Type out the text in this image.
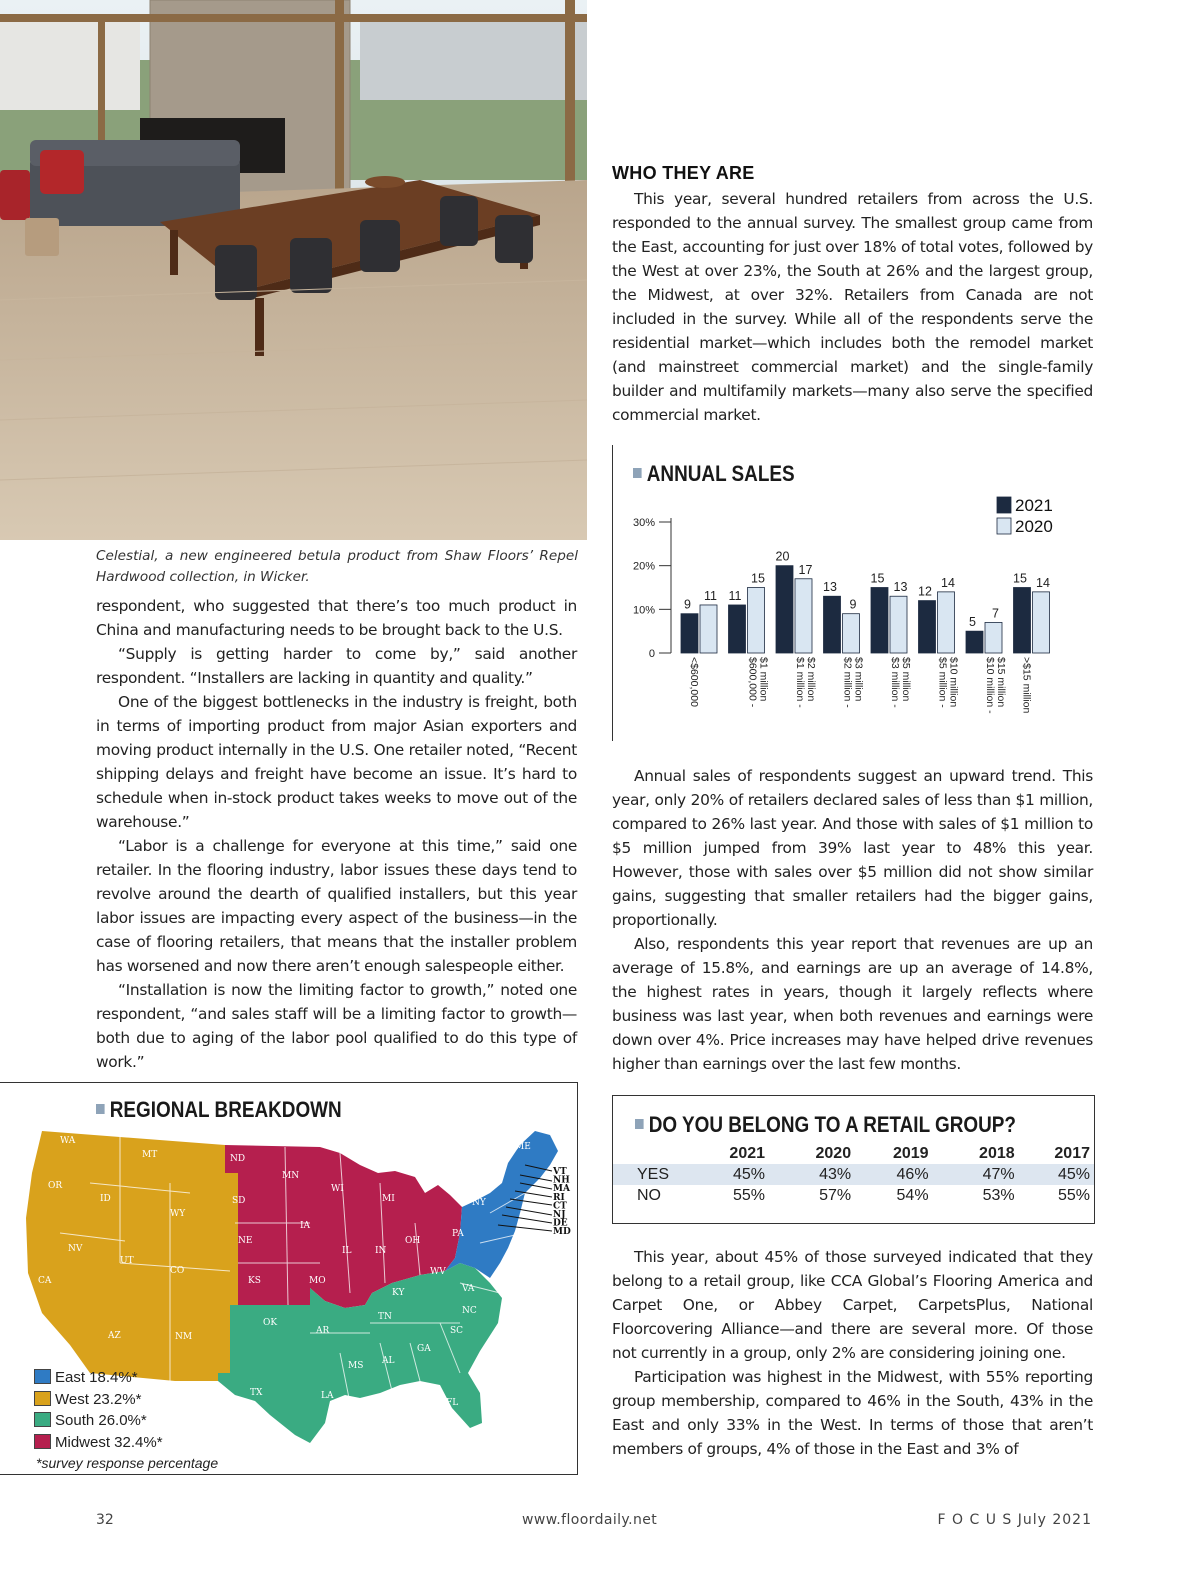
Celestial, a new engineered betula product from Shaw Floors’ Repel Hardwood collection, in Wicker.

respondent, who suggested that there’s too much product in China and manufacturing needs to be brought back to the U.S.

“Supply is getting harder to come by,” said another respondent. “Installers are lacking in quantity and quality.”

One of the biggest bottlenecks in the industry is freight, both in terms of importing product from major Asian exporters and moving product internally in the U.S. One retailer noted, “Recent shipping delays and freight have become an issue. It’s hard to schedule when in-stock product takes weeks to move out of the warehouse.”

“Labor is a challenge for everyone at this time,” said one retailer. In the flooring industry, labor issues these days tend to revolve around the dearth of qualified installers, but this year labor issues are impacting every aspect of the business—in the case of flooring retailers, that means that the installer problem has worsened and now there aren’t enough salespeople either.

“Installation is now the limiting factor to growth,” noted one respondent, “and sales staff will be a limiting factor to growth—both due to aging of the labor pool qualified to do this type of work.”

WHO THEY ARE

This year, several hundred retailers from across the U.S. responded to the annual survey. The smallest group came from the East, accounting for just over 18% of total votes, followed by the West at over 23%, the South at 26% and the largest group, the Midwest, at over 32%. Retailers from Canada are not included in the survey. While all of the respondents serve the residential market—which includes both the remodel market (and mainstreet commercial market) and the single-family builder and multifamily markets—many also serve the specified commercial market.

ANNUAL SALES
0
10%
20%
30%
9
11
<$600,000
11
15
$600,000 -$1 million
20
17
$1 million -$2 million
13
9
$2 million -$3 million
15
13
$3 million -$5 million
12
14
$5 million -$10 million
5
7
$10 million -$15 million
15 14
>$15 million
2021
2020

Annual sales of respondents suggest an upward trend. This year, only 20% of retailers declared sales of less than $1 million, compared to 26% last year. And those with sales of $1 million to $5 million jumped from 39% last year to 48% this year. However, those with sales over $5 million did not show similar gains, suggesting that smaller retailers had the bigger gains, proportionally.

Also, respondents this year report that revenues are up an average of 15.8%, and earnings are up an average of 14.8%, the highest rates in years, though it largely reflects where business was last year, when both revenues and earnings were down over 4%. Price increases may have helped drive revenues higher than earnings over the last few months.

DO YOU BELONG TO A RETAIL GROUP?
	2021	2020	2019	2018	2017
YES	45%	43%	46%	47%	45%
NO	55%	57%	54%	53%	55%

This year, about 45% of those surveyed indicated that they belong to a retail group, like CCA Global’s Flooring America and Carpet One, or Abbey Carpet, CarpetsPlus, National Floorcovering Alliance—and there are several more. Of those not currently in a group, only 2% are considering joining one.

Participation was highest in the Midwest, with 55% reporting group membership, compared to 46% in the South, 43% in the East and only 33% in the West. In terms of those that aren’t members of groups, 4% of those in the East and 3% of

REGIONAL BREAKDOWN
WA
OR
CA
NV
ID
MT
WY
UT
CO
AZ	NM
ND
SD
NE
KS
MN
IA
MO
WI
IL
MI
IN
OH
TX
OK
AR
LA
MS AL
TN
KY
GA
FL
SC
NC
VA
ME
NY
PA
WV
VT
NH
MA
RI
CT
NJ
DE
MD
East 18.4%*
West 23.2%*
South 26.0%*
Midwest 32.4%*
*survey response percentage
32	www.floordaily.net	F O C U S July 2021
